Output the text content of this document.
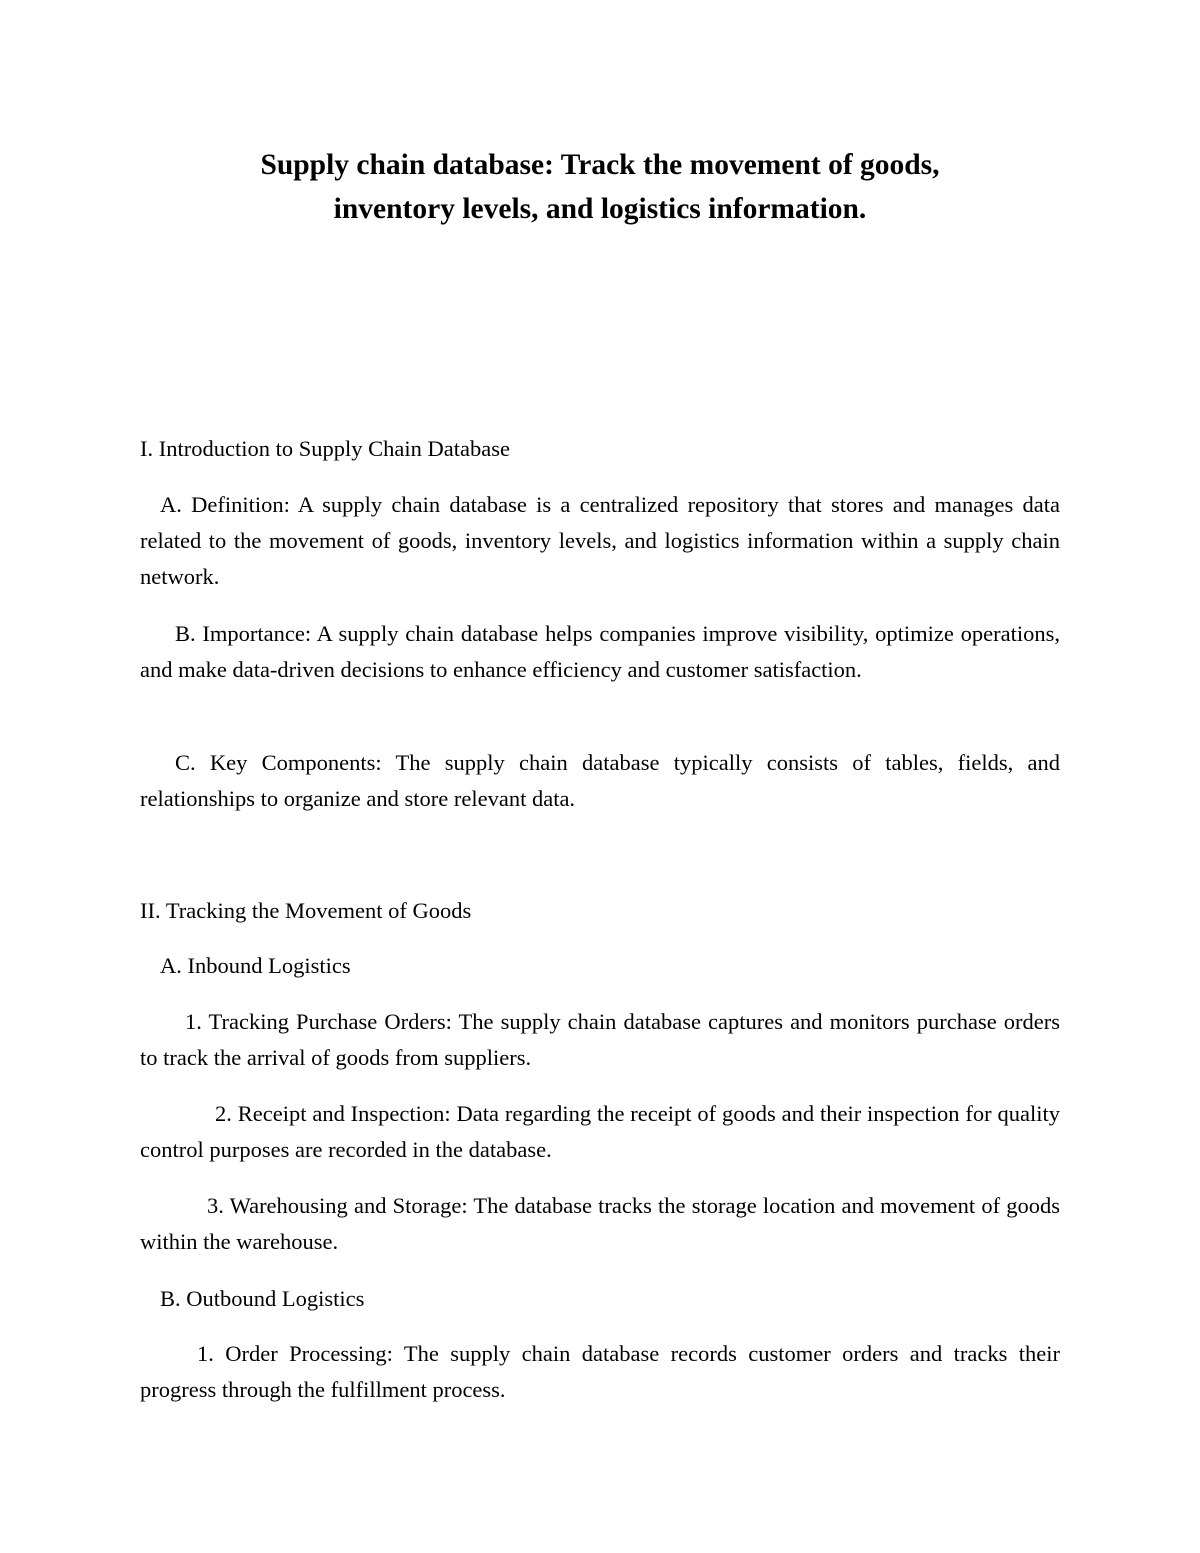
Supply chain database: Track the movement of goods,
inventory levels, and logistics information.

I. Introduction to Supply Chain Database

A. Definition: A supply chain database is a centralized repository that stores and manages data related to the movement of goods, inventory levels, and logistics information within a supply chain network.

B. Importance: A supply chain database helps companies improve visibility, optimize operations, and make data-driven decisions to enhance efficiency and customer satisfaction.

C. Key Components: The supply chain database typically consists of tables, fields, and relationships to organize and store relevant data.

II. Tracking the Movement of Goods

A. Inbound Logistics

1. Tracking Purchase Orders: The supply chain database captures and monitors purchase orders to track the arrival of goods from suppliers.

2. Receipt and Inspection: Data regarding the receipt of goods and their inspection for quality control purposes are recorded in the database.

3. Warehousing and Storage: The database tracks the storage location and movement of goods within the warehouse.

B. Outbound Logistics

1. Order Processing: The supply chain database records customer orders and tracks their progress through the fulfillment process.
